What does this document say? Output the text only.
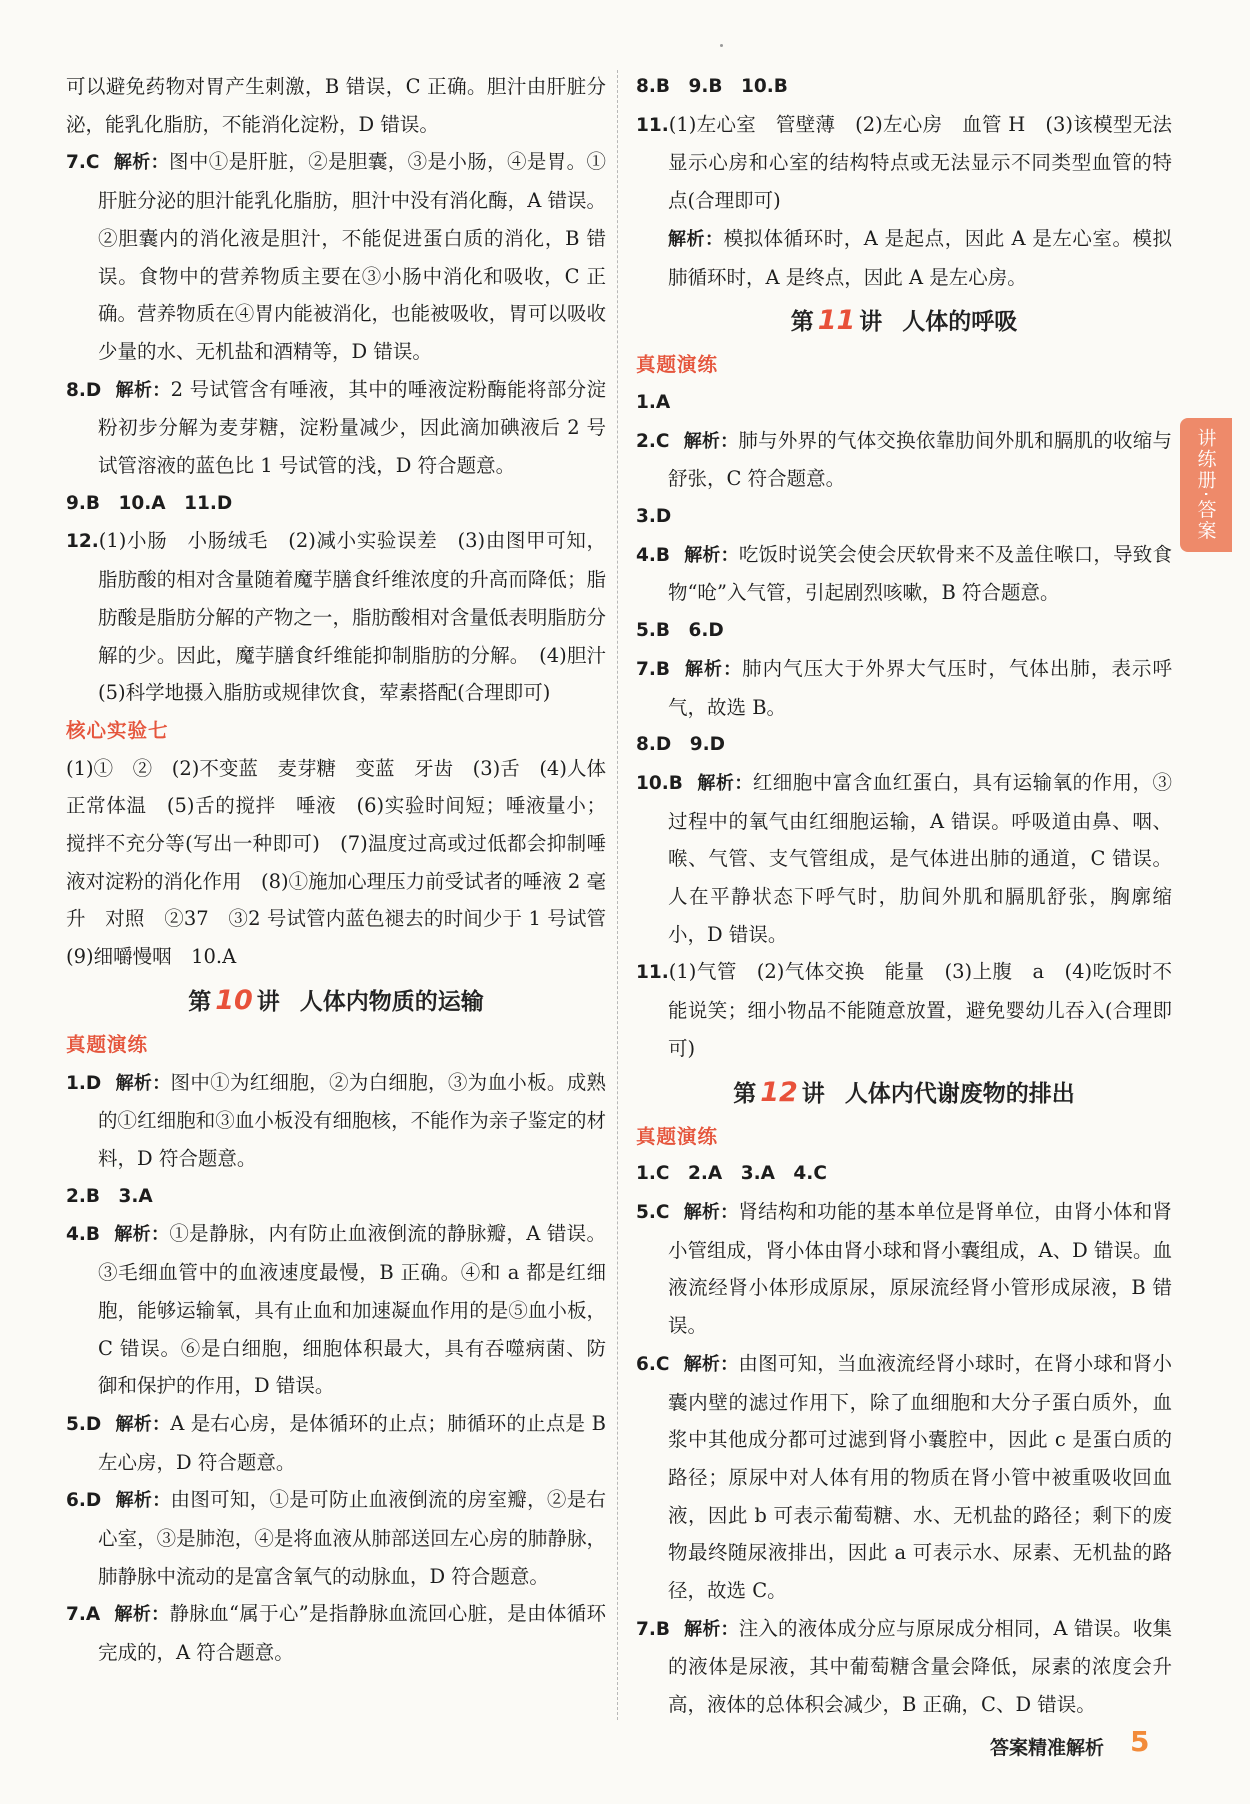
可以避免药物对胃产生刺激，B 错误，C 正确。胆汁由肝脏分泌，能乳化脂肪，不能消化淀粉，D 错误。

7.C 解析：图中①是肝脏，②是胆囊，③是小肠，④是胃。①肝脏分泌的胆汁能乳化脂肪，胆汁中没有消化酶，A 错误。②胆囊内的消化液是胆汁，不能促进蛋白质的消化，B 错误。食物中的营养物质主要在③小肠中消化和吸收，C 正确。营养物质在④胃内能被消化，也能被吸收，胃可以吸收少量的水、无机盐和酒精等，D 错误。

8.D 解析：2 号试管含有唾液，其中的唾液淀粉酶能将部分淀粉初步分解为麦芽糖，淀粉量减少，因此滴加碘液后 2 号试管溶液的蓝色比 1 号试管的浅，D 符合题意。

9.B　10.A　11.D

12.(1)小肠　小肠绒毛　(2)减小实验误差　(3)由图甲可知，脂肪酸的相对含量随着魔芋膳食纤维浓度的升高而降低；脂肪酸是脂肪分解的产物之一，脂肪酸相对含量低表明脂肪分解的少。因此，魔芋膳食纤维能抑制脂肪的分解。　(4)胆汁　(5)科学地摄入脂肪或规律饮食，荤素搭配(合理即可)

核心实验七

(1)①　②　(2)不变蓝　麦芽糖　变蓝　牙齿　(3)舌　(4)人体正常体温　(5)舌的搅拌　唾液　(6)实验时间短；唾液量小；搅拌不充分等(写出一种即可)　(7)温度过高或过低都会抑制唾液对淀粉的消化作用　(8)①施加心理压力前受试者的唾液 2 毫升　对照　②37　③2 号试管内蓝色褪去的时间少于 1 号试管　(9)细嚼慢咽　10.A

第 10 讲 人体内物质的运输

真题演练

1.D 解析：图中①为红细胞，②为白细胞，③为血小板。成熟的①红细胞和③血小板没有细胞核，不能作为亲子鉴定的材料，D 符合题意。

2.B　3.A

4.B 解析：①是静脉，内有防止血液倒流的静脉瓣，A 错误。③毛细血管中的血液速度最慢，B 正确。④和 a 都是红细胞，能够运输氧，具有止血和加速凝血作用的是⑤血小板，C 错误。⑥是白细胞，细胞体积最大，具有吞噬病菌、防御和保护的作用，D 错误。

5.D 解析：A 是右心房，是体循环的止点；肺循环的止点是 B 左心房，D 符合题意。

6.D 解析：由图可知，①是可防止血液倒流的房室瓣，②是右心室，③是肺泡，④是将血液从肺部送回左心房的肺静脉，肺静脉中流动的是富含氧气的动脉血，D 符合题意。

7.A 解析：静脉血“属于心”是指静脉血流回心脏，是由体循环完成的，A 符合题意。

8.B　9.B　10.B

11.(1)左心室　管壁薄　(2)左心房　血管 H　(3)该模型无法显示心房和心室的结构特点或无法显示不同类型血管的特点(合理即可)

解析：模拟体循环时，A 是起点，因此 A 是左心室。模拟肺循环时，A 是终点，因此 A 是左心房。

第 11 讲 人体的呼吸

真题演练

1.A

2.C 解析：肺与外界的气体交换依靠肋间外肌和膈肌的收缩与舒张，C 符合题意。

3.D

4.B 解析：吃饭时说笑会使会厌软骨来不及盖住喉口，导致食物“呛”入气管，引起剧烈咳嗽，B 符合题意。

5.B　6.D

7.B 解析：肺内气压大于外界大气压时，气体出肺，表示呼气，故选 B。

8.D　9.D

10.B 解析：红细胞中富含血红蛋白，具有运输氧的作用，③过程中的氧气由红细胞运输，A 错误。呼吸道由鼻、咽、喉、气管、支气管组成，是气体进出肺的通道，C 错误。人在平静状态下呼气时，肋间外肌和膈肌舒张，胸廓缩小，D 错误。

11.(1)气管　(2)气体交换　能量　(3)上腹　a　(4)吃饭时不能说笑；细小物品不能随意放置，避免婴幼儿吞入(合理即可)

第 12 讲 人体内代谢废物的排出

真题演练

1.C　2.A　3.A　4.C

5.C 解析：肾结构和功能的基本单位是肾单位，由肾小体和肾小管组成，肾小体由肾小球和肾小囊组成，A、D 错误。血液流经肾小体形成原尿，原尿流经肾小管形成尿液，B 错误。

6.C 解析：由图可知，当血液流经肾小球时，在肾小球和肾小囊内壁的滤过作用下，除了血细胞和大分子蛋白质外，血浆中其他成分都可过滤到肾小囊腔中，因此 c 是蛋白质的路径；原尿中对人体有用的物质在肾小管中被重吸收回血液，因此 b 可表示葡萄糖、水、无机盐的路径；剩下的废物最终随尿液排出，因此 a 可表示水、尿素、无机盐的路径，故选 C。

7.B 解析：注入的液体成分应与原尿成分相同，A 错误。收集的液体是尿液，其中葡萄糖含量会降低，尿素的浓度会升高，液体的总体积会减少，B 正确，C、D 错误。

讲练册·答案
答案精准解析 5
